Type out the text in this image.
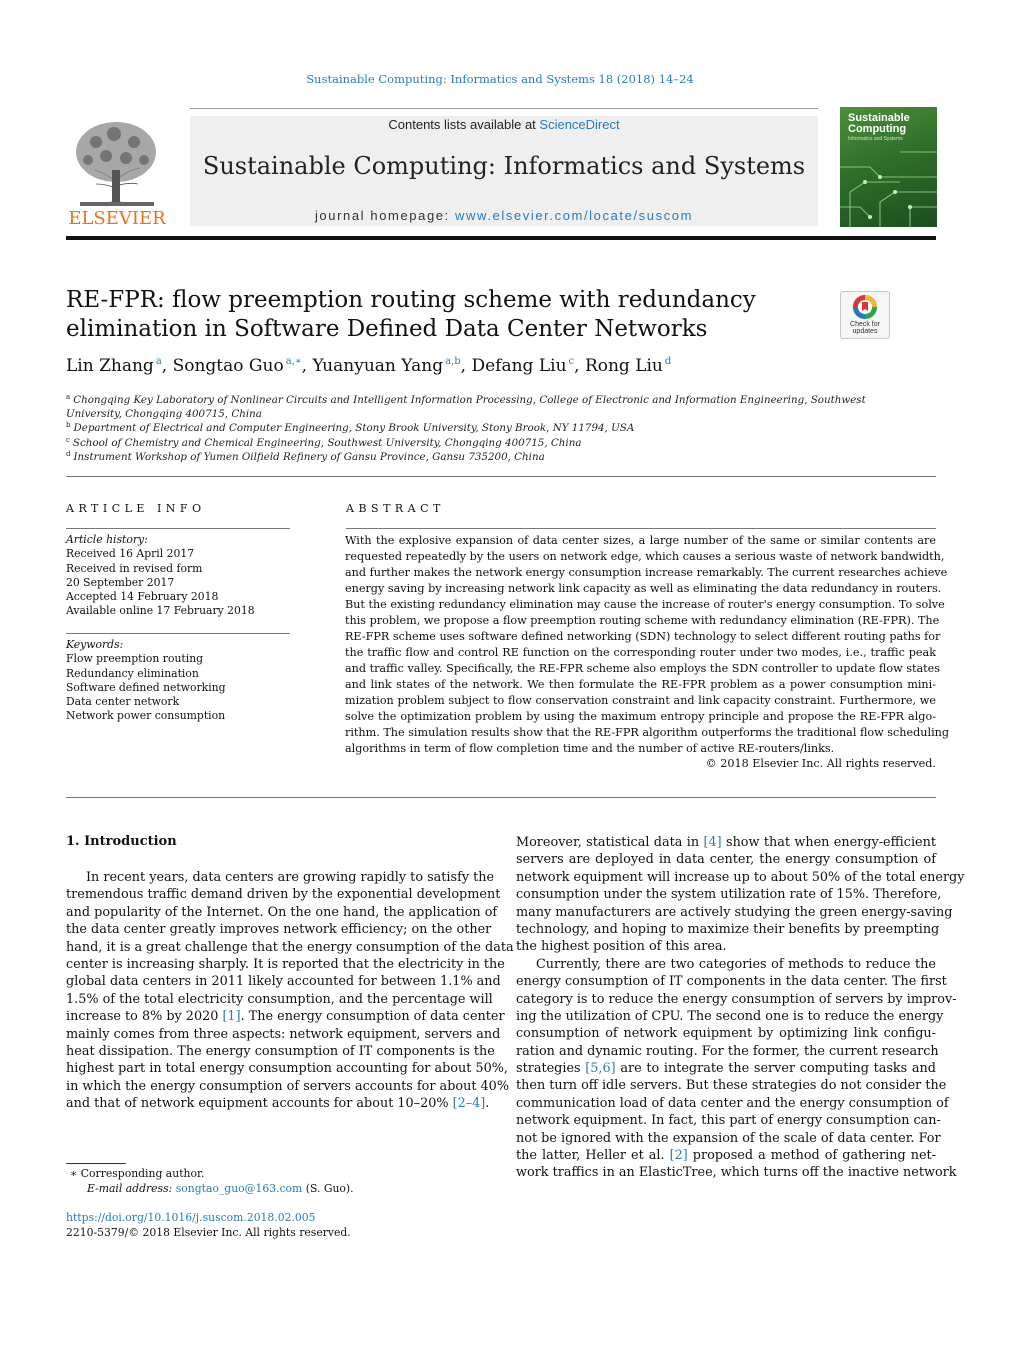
Sustainable Computing: Informatics and Systems 18 (2018) 14–24
ELSEVIER
Contents lists available at ScienceDirect
Sustainable Computing: Informatics and Systems
journal homepage: www.elsevier.com/locate/suscom
Sustainable Computing
Informatics and Systems
RE-FPR: flow preemption routing scheme with redundancy elimination in Software Defined Data Center Networks	Check for updates
Lin Zhang $^a$, Songtao Guo $^{a,∗}$, Yuanyuan Yang $^{a,b}$, Defang Liu $^c$, Rong Liu $^d$
$^a$ Chongqing Key Laboratory of Nonlinear Circuits and Intelligent Information Processing, College of Electronic and Information Engineering, Southwest
University, Chongqing 400715, China
$^b$ Department of Electrical and Computer Engineering, Stony Brook University, Stony Brook, NY 11794, USA
$^c$ School of Chemistry and Chemical Engineering, Southwest University, Chongqing 400715, China
$^d$ Instrument Workshop of Yumen Oilfield Refinery of Gansu Province, Gansu 735200, China
ARTICLE INFO	ABSTRACT
Article history:
Received 16 April 2017
Received in revised form
20 September 2017
Accepted 14 February 2018
Available online 17 February 2018
Keywords:
Flow preemption routing
Redundancy elimination
Software defined networking
Data center network
Network power consumption
With the explosive expansion of data center sizes, a large number of the same or similar contents are
requested repeatedly by the users on network edge, which causes a serious waste of network bandwidth,
and further makes the network energy consumption increase remarkably. The current researches achieve
energy saving by increasing network link capacity as well as eliminating the data redundancy in routers.
But the existing redundancy elimination may cause the increase of router's energy consumption. To solve
this problem, we propose a flow preemption routing scheme with redundancy elimination (RE-FPR). The
RE-FPR scheme uses software defined networking (SDN) technology to select different routing paths for
the traffic flow and control RE function on the corresponding router under two modes, i.e., traffic peak
and traffic valley. Specifically, the RE-FPR scheme also employs the SDN controller to update flow states
and link states of the network. We then formulate the RE-FPR problem as a power consumption mini-
mization problem subject to flow conservation constraint and link capacity constraint. Furthermore, we
solve the optimization problem by using the maximum entropy principle and propose the RE-FPR algo-
rithm. The simulation results show that the RE-FPR algorithm outperforms the traditional flow scheduling
algorithms in term of flow completion time and the number of active RE-routers/links.
© 2018 Elsevier Inc. All rights reserved.
1. Introduction
In recent years, data centers are growing rapidly to satisfy the
tremendous traffic demand driven by the exponential development
and popularity of the Internet. On the one hand, the application of
the data center greatly improves network efficiency; on the other
hand, it is a great challenge that the energy consumption of the data
center is increasing sharply. It is reported that the electricity in the
global data centers in 2011 likely accounted for between 1.1% and
1.5% of the total electricity consumption, and the percentage will
increase to 8% by 2020 [1]. The energy consumption of data center
mainly comes from three aspects: network equipment, servers and
heat dissipation. The energy consumption of IT components is the
highest part in total energy consumption accounting for about 50%,
in which the energy consumption of servers accounts for about 40%
and that of network equipment accounts for about 10–20% [2–4].
Moreover, statistical data in [4] show that when energy-efficient
servers are deployed in data center, the energy consumption of
network equipment will increase up to about 50% of the total energy
consumption under the system utilization rate of 15%. Therefore,
many manufacturers are actively studying the green energy-saving
technology, and hoping to maximize their benefits by preempting
the highest position of this area.
Currently, there are two categories of methods to reduce the
energy consumption of IT components in the data center. The first
category is to reduce the energy consumption of servers by improv-
ing the utilization of CPU. The second one is to reduce the energy
consumption of network equipment by optimizing link configu-
ration and dynamic routing. For the former, the current research
strategies [5,6] are to integrate the server computing tasks and
then turn off idle servers. But these strategies do not consider the
communication load of data center and the energy consumption of
network equipment. In fact, this part of energy consumption can-
not be ignored with the expansion of the scale of data center. For
the latter, Heller et al. [2] proposed a method of gathering net-
work traffics in an ElasticTree, which turns off the inactive network
∗ Corresponding author.
E-mail address: songtao_guo@163.com (S. Guo).
https://doi.org/10.1016/j.suscom.2018.02.005
2210-5379/© 2018 Elsevier Inc. All rights reserved.
